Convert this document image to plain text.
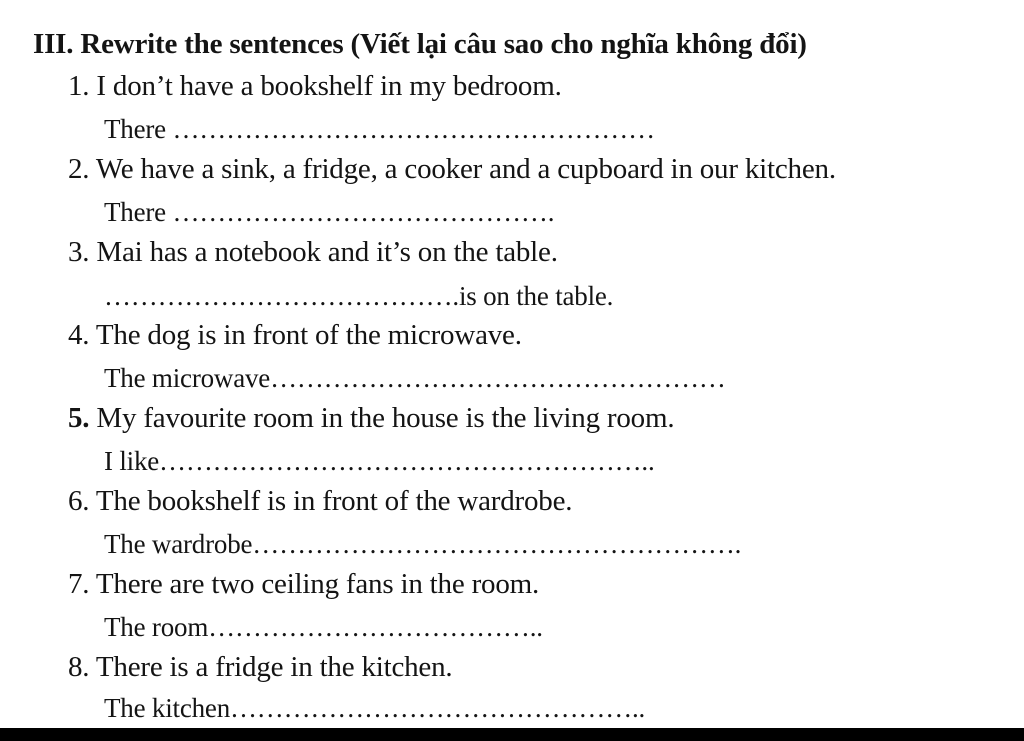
III. Rewrite the sentences (Viết lại câu sao cho nghĩa không đổi)
1. I don’t have a bookshelf in my bedroom.
There ………………………………………………
2. We have a sink, a fridge, a cooker and a cupboard in our kitchen.
There …………………………………….
3. Mai has a notebook and it’s on the table.
………………………………….is on the table.
4. The dog is in front of the microwave.
The microwave……………………………………………
5. My favourite room in the house is the living room.
I like………………………………………………..
6. The bookshelf is in front of the wardrobe.
The wardrobe……………………………………………….
7. There are two ceiling fans in the room.
The room………………………………..
8. There is a fridge in the kitchen.
The kitchen………………………………………..
